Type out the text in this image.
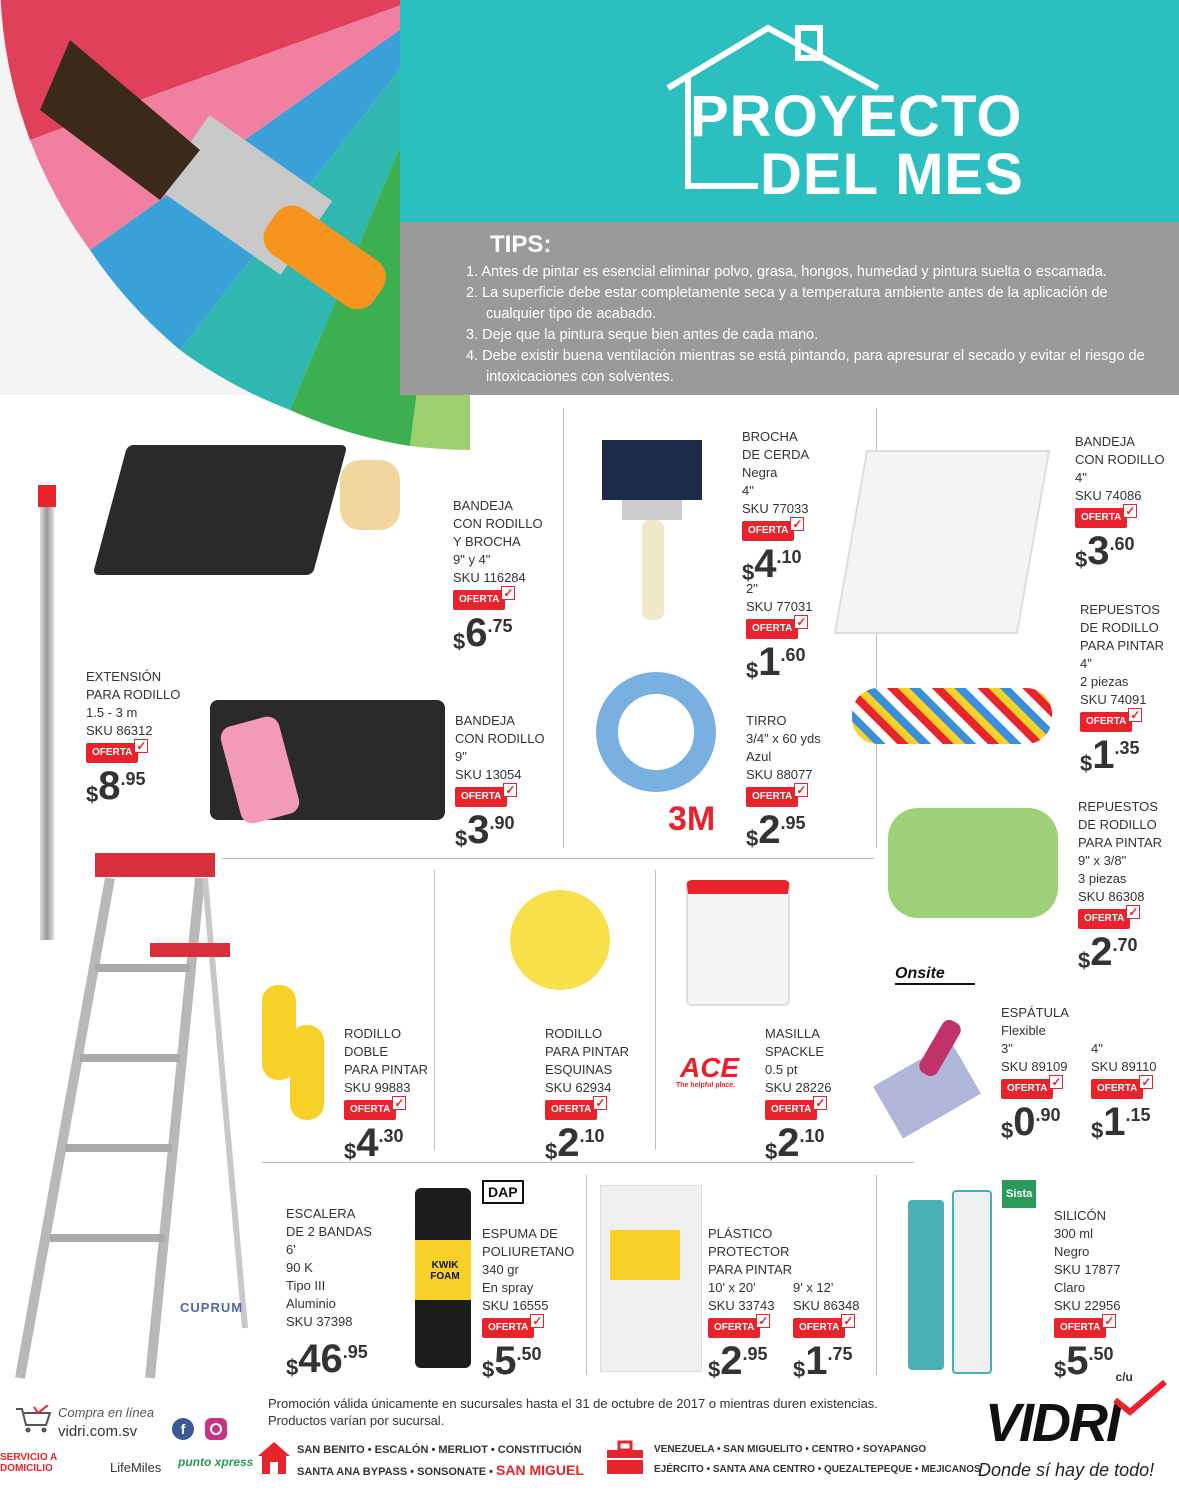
PROYECTO
DEL MES
TIPS:
1. Antes de pintar es esencial eliminar polvo, grasa, hongos, humedad y pintura suelta o escamada.
2. La superficie debe estar completamente seca y a temperatura ambiente antes de la aplicación de cualquier tipo de acabado.
3. Deje que la pintura seque bien antes de cada mano.
4. Debe existir buena ventilación mientras se está pintando, para apresurar el secado y evitar el riesgo de intoxicaciones con solventes.
3M
ACE
The helpful place.
Onsite
CUPRUM
DAP
KWIK FOAM
Sista
EXTENSIÓN
PARA RODILLO
1.5 - 3 m
SKU 86312
OFERTA ✓
$ 8 .95
BANDEJA
CON RODILLO
Y BROCHA
9" y 4"
SKU 116284
OFERTA ✓
$ 6 .75
BANDEJA
CON RODILLO
9"
SKU 13054
OFERTA ✓
$ 3 .90
BROCHA
DE CERDA
Negra
4"
SKU 77033
OFERTA ✓
$ 4 .10
2"
SKU 77031
OFERTA ✓
$ 1 .60
TIRRO
3/4" x 60 yds
Azul
SKU 88077
OFERTA ✓
$ 2 .95
BANDEJA
CON RODILLO
4"
SKU 74086
OFERTA ✓
$ 3 .60
REPUESTOS
DE RODILLO
PARA PINTAR
4"
2 piezas
SKU 74091
OFERTA ✓
$ 1 .35
REPUESTOS
DE RODILLO
PARA PINTAR
9" x 3/8"
3 piezas
SKU 86308
OFERTA ✓
$ 2 .70
RODILLO
DOBLE
PARA PINTAR
SKU 99883
OFERTA ✓
$ 4 .30
RODILLO
PARA PINTAR
ESQUINAS
SKU 62934
OFERTA ✓
$ 2 .10
MASILLA
SPACKLE
0.5 pt
SKU 28226
OFERTA ✓
$ 2 .10
ESPÁTULA
Flexible
3"
SKU 89109
OFERTA ✓
$ 0 .90
4"
SKU 89110
OFERTA ✓
$ 1 .15
ESCALERA
DE 2 BANDAS
6'
90 K
Tipo III
Aluminio
SKU 37398
$ 46 .95
ESPUMA DE
POLIURETANO
340 gr
En spray
SKU 16555
OFERTA ✓
$ 5 .50
PLÁSTICO
PROTECTOR
PARA PINTAR
10' x 20'
SKU 33743
OFERTA ✓
$ 2 .95
9' x 12'
SKU 86348
OFERTA ✓
$ 1 .75
SILICÓN
300 ml
Negro
SKU 17877
Claro
SKU 22956
OFERTA ✓
$ 5 .50
c/u
Promoción válida únicamente en sucursales hasta el 31 de octubre de 2017 o mientras duren existencias.
Productos varían por sucursal.
Compra en línea
vidri.com.sv	f
SERVICIO A DOMICILIO	LifeMiles punto xpress
SAN BENITO • ESCALÓN • MERLIOT • CONSTITUCIÓN
SANTA ANA BYPASS • SONSONATE • SAN MIGUEL
VENEZUELA • SAN MIGUELITO • CENTRO • SOYAPANGO
EJÉRCITO • SANTA ANA CENTRO • QUEZALTEPEQUE • MEJICANOS
VIDRI
Donde sí hay de todo!
